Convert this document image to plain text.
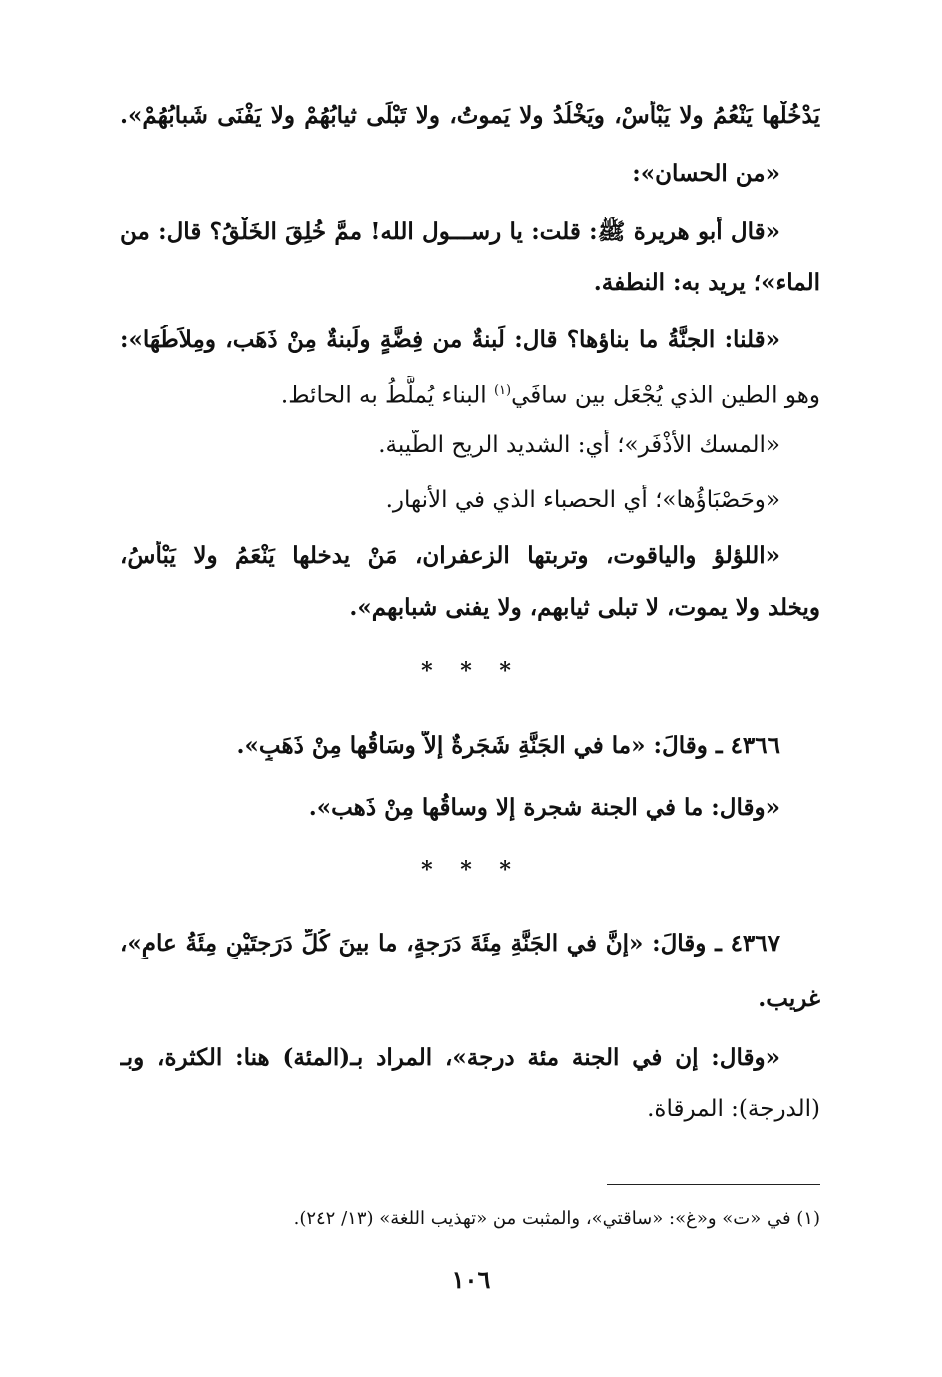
يَدْخُلْها يَنْعُمُ ولا يَبْأَسْ، ويَخْلُدُ ولا يَموتُ، ولا تَبْلَى ثيابُهُمْ ولا يَفْنَى شَبابُهُمْ».
«من الحسان»:
«قال أبو هريرة ﷺ: قلت: يا رســـول الله! ممَّ خُلِقَ الخَلْقُ؟ قال: من
الماء»؛ يريد به: النطفة.
«قلنا: الجنَّةُ ما بناؤها؟ قال: لَبنةٌ من فِضَّةٍ ولَبنةٌ مِنْ ذَهَب، ومِلاَطُهَا»:
وهو الطين الذي يُجْعَل بين سافَي$^{(١)}$ البناء يُملَّطُ به الحائط.
«المسك الأَذْفَر»؛ أي: الشديد الريح الطَّيبة.
«وحَصْبَاؤُها»؛ أي الحصباء الذي في الأنهار.
«اللؤلؤ والياقوت، وتربتها الزعفران، مَنْ يدخلها يَنْعَمُ ولا يَبْأَسُ،
ويخلد ولا يموت، لا تبلى ثيابهم، ولا يفنى شبابهم».
* * *
٤٣٦٦ ـ وقالَ: «ما في الجَنَّةِ شَجَرةٌ إلاَّ وسَاقُها مِنْ ذَهَبٍ».
«وقال: ما في الجنة شجرة إلا وساقُها مِنْ ذَهب».
* * *
٤٣٦٧ ـ وقالَ: «إنَّ في الجَنَّةِ مِئَةَ دَرَجةٍ، ما بينَ كُلِّ دَرَجتَيْنِ مِئَةُ عامٍ»،
غريب.
«وقال: إن في الجنة مئة درجة»، المراد بـ(المئة) هنا: الكثرة، وبـ
(الدرجة): المرقاة.
(١) في «ت» و«غ»: «ساقتي»، والمثبت من «تهذيب اللغة» (١٣/ ٢٤٢).
١٠٦
